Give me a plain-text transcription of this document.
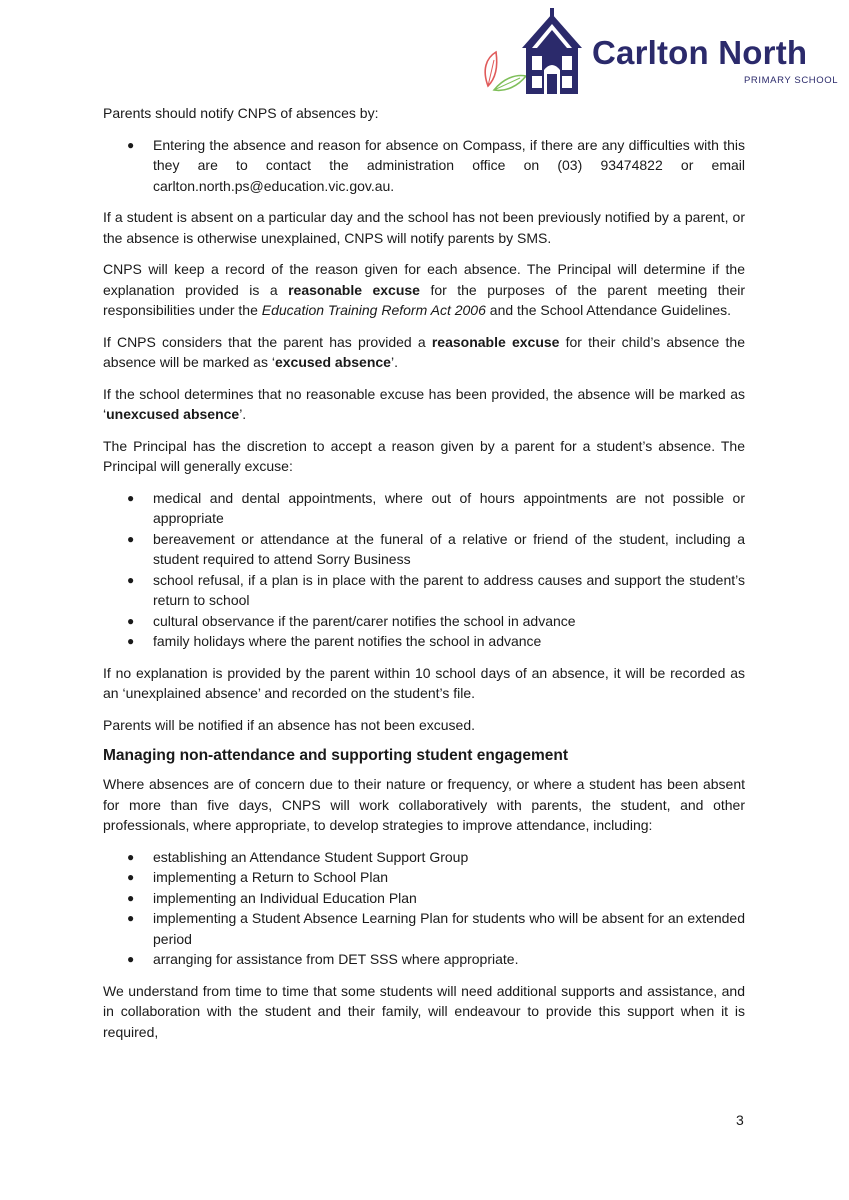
Carlton North
PRIMARY SCHOOL

Parents should notify CNPS of absences by:

● Entering the absence and reason for absence on Compass, if there are any difficulties with this they are to contact the administration office on (03) 93474822 or email carlton.north.ps@education.vic.gov.au.

If a student is absent on a particular day and the school has not been previously notified by a parent, or the absence is otherwise unexplained, CNPS will notify parents by SMS.

CNPS will keep a record of the reason given for each absence. The Principal will determine if the explanation provided is a reasonable excuse for the purposes of the parent meeting their responsibilities under the Education Training Reform Act 2006 and the School Attendance Guidelines.

If CNPS considers that the parent has provided a reasonable excuse for their child’s absence the absence will be marked as ‘excused absence’.

If the school determines that no reasonable excuse has been provided, the absence will be marked as ‘unexcused absence’.

The Principal has the discretion to accept a reason given by a parent for a student’s absence. The Principal will generally excuse:

● medical and dental appointments, where out of hours appointments are not possible or appropriate
● bereavement or attendance at the funeral of a relative or friend of the student, including a student required to attend Sorry Business
● school refusal, if a plan is in place with the parent to address causes and support the student’s return to school
● cultural observance if the parent/carer notifies the school in advance
● family holidays where the parent notifies the school in advance

If no explanation is provided by the parent within 10 school days of an absence, it will be recorded as an ‘unexplained absence’ and recorded on the student’s file.

Parents will be notified if an absence has not been excused.

Managing non-attendance and supporting student engagement

Where absences are of concern due to their nature or frequency, or where a student has been absent for more than five days, CNPS will work collaboratively with parents, the student, and other professionals, where appropriate, to develop strategies to improve attendance, including:

● establishing an Attendance Student Support Group
● implementing a Return to School Plan
● implementing an Individual Education Plan
● implementing a Student Absence Learning Plan for students who will be absent for an extended period
● arranging for assistance from DET SSS where appropriate.

We understand from time to time that some students will need additional supports and assistance, and in collaboration with the student and their family, will endeavour to provide this support when it is required,

3
